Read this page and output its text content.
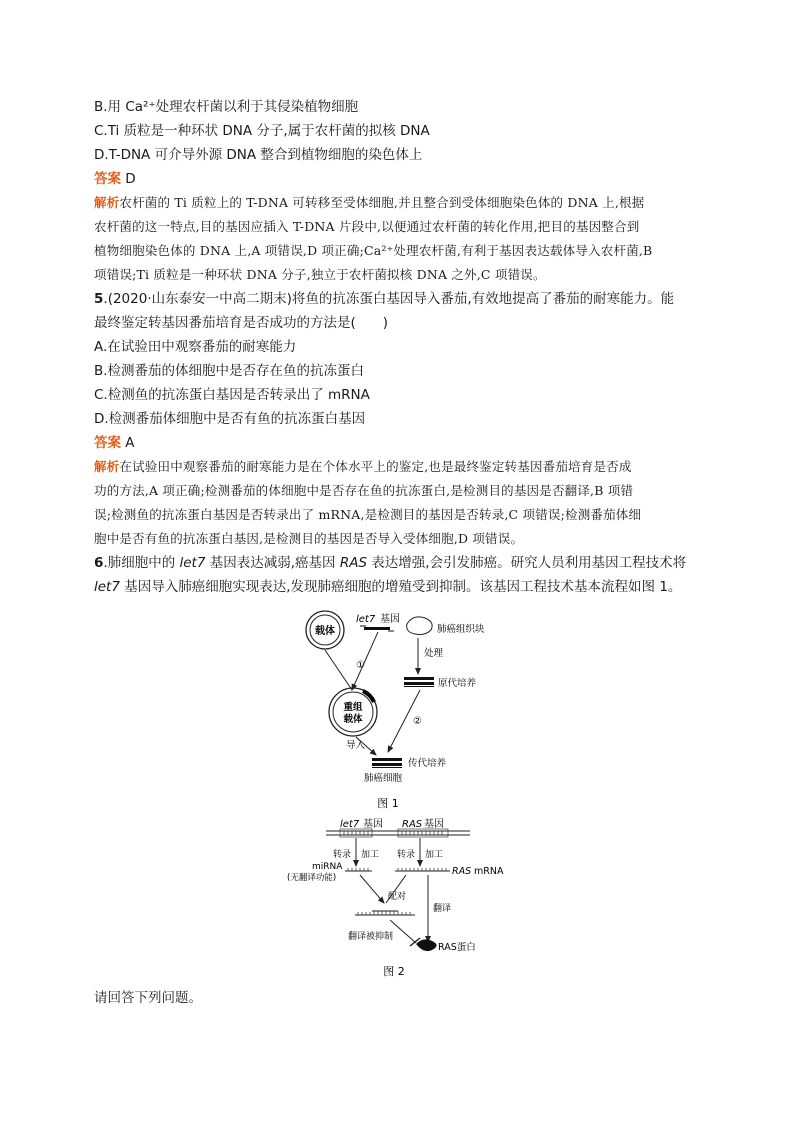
B.用 Ca²⁺处理农杆菌以利于其侵染植物细胞
C.Ti 质粒是一种环状 DNA 分子,属于农杆菌的拟核 DNA
D.T-DNA 可介导外源 DNA 整合到植物细胞的染色体上
答案 D
解析农杆菌的 Ti 质粒上的 T-DNA 可转移至受体细胞,并且整合到受体细胞染色体的 DNA 上,根据
农杆菌的这一特点,目的基因应插入 T-DNA 片段中,以便通过农杆菌的转化作用,把目的基因整合到
植物细胞染色体的 DNA 上,A 项错误,D 项正确;Ca²⁺处理农杆菌,有利于基因表达载体导入农杆菌,B
项错误;Ti 质粒是一种环状 DNA 分子,独立于农杆菌拟核 DNA 之外,C 项错误。
5.(2020·山东泰安一中高二期末)将鱼的抗冻蛋白基因导入番茄,有效地提高了番茄的耐寒能力。能
最终鉴定转基因番茄培育是否成功的方法是(　　)
A.在试验田中观察番茄的耐寒能力
B.检测番茄的体细胞中是否存在鱼的抗冻蛋白
C.检测鱼的抗冻蛋白基因是否转录出了 mRNA
D.检测番茄体细胞中是否有鱼的抗冻蛋白基因
答案 A
解析在试验田中观察番茄的耐寒能力是在个体水平上的鉴定,也是最终鉴定转基因番茄培育是否成
功的方法,A 项正确;检测番茄的体细胞中是否存在鱼的抗冻蛋白,是检测目的基因是否翻译,B 项错
误;检测鱼的抗冻蛋白基因是否转录出了 mRNA,是检测目的基因是否转录,C 项错误;检测番茄体细
胞中是否有鱼的抗冻蛋白基因,是检测目的基因是否导入受体细胞,D 项错误。
6.肺细胞中的 let7 基因表达减弱,癌基因 RAS 表达增强,会引发肺癌。研究人员利用基因工程技术将
let7 基因导入肺癌细胞实现表达,发现肺癌细胞的增殖受到抑制。该基因工程技术基本流程如图 1。
载体
let7 基因
肺癌组织块
①
处理
原代培养
重组
载体	②
导入
传代培养
肺癌细胞
图 1
let7 基因 RAS 基因
转录 加工 转录 加工
miRNA
(无翻译功能)
RAS mRNA
配对
翻译
翻译被抑制
RAS蛋白
图 2
请回答下列问题。
